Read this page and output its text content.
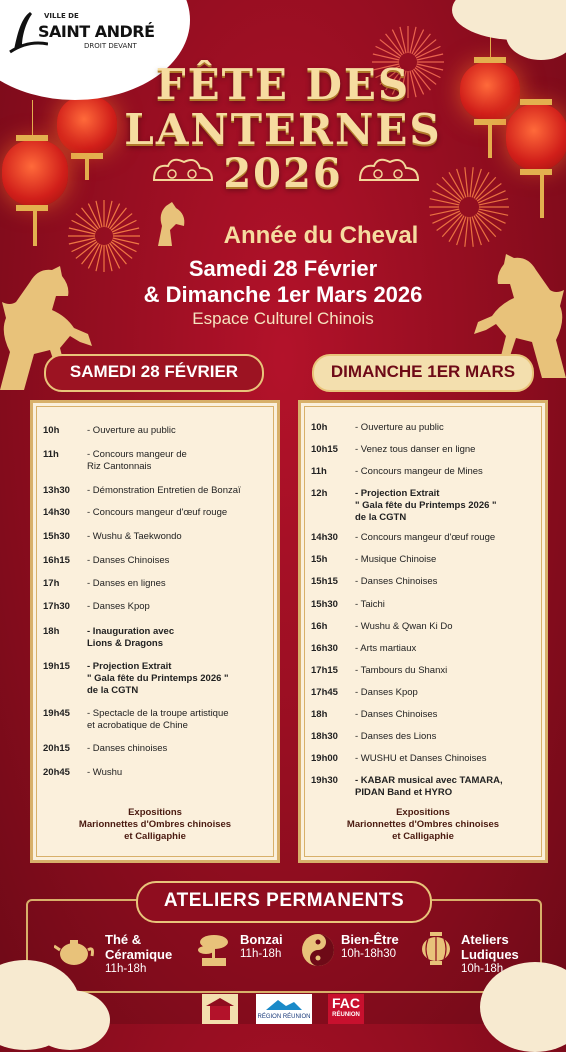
VILLE DE
SAINT ANDRÉ
DROIT DEVANT
FÊTE DES
LANTERNES
2026
Année du Cheval
Samedi 28 Février
& Dimanche 1er Mars 2026
Espace Culturel Chinois
SAMEDI 28 FÉVRIER	DIMANCHE 1ER MARS
10h	- Ouverture au public
11h	- Concours mangeur de
Riz Cantonnais
13h30	- Démonstration Entretien de Bonzaï
14h30	- Concours mangeur d'œuf rouge
15h30	- Wushu & Taekwondo
16h15	- Danses Chinoises
17h	- Danses en lignes
17h30	- Danses Kpop
18h	- Inauguration avec
Lions & Dragons
19h15	- Projection Extrait
" Gala fête du Printemps 2026 "
de la CGTN
19h45	- Spectacle de la troupe artistique
et acrobatique de Chine
20h15	- Danses chinoises
20h45	- Wushu
Expositions
Marionnettes d'Ombres chinoises
et Calligaphie
10h	- Ouverture au public
10h15	- Venez tous danser en ligne
11h	- Concours mangeur de Mines
12h	- Projection Extrait
" Gala fête du Printemps 2026 "
de la CGTN
14h30	- Concours mangeur d'œuf rouge
15h	- Musique Chinoise
15h15	- Danses Chinoises
15h30	- Taichi
16h	- Wushu & Qwan Ki Do
16h30	- Arts martiaux
17h15	- Tambours du Shanxi
17h45	- Danses Kpop
18h	- Danses Chinoises
18h30	- Danses des Lions
19h00	- WUSHU et Danses Chinoises
19h30	- KABAR musical avec TAMARA,
PIDAN Band et HYRO
Expositions
Marionnettes d'Ombres chinoises
et Calligaphie
ATELIERS PERMANENTS
Thé &
Céramique
11h-18h
Bonzai
11h-18h
Bien-Être
10h-18h30
Ateliers
Ludiques
10h-18h
RÉGION RÉUNION
FAC
RÉUNION
